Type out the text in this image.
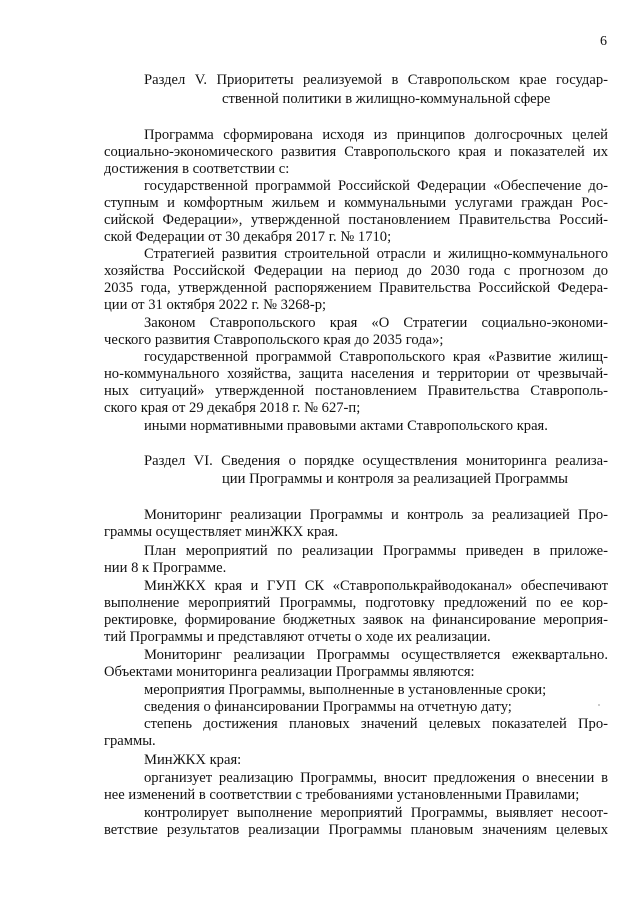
6
Раздел V. Приоритеты реализуемой в Ставропольском крае государ-
ственной политики в жилищно-коммунальной сфере
Программа сформирована исходя из принципов долгосрочных целей
социально-экономического развития Ставропольского края и показателей их
достижения в соответствии с:
государственной программой Российской Федерации «Обеспечение до-
ступным и комфортным жильем и коммунальными услугами граждан Рос-
сийской Федерации», утвержденной постановлением Правительства Россий-
ской Федерации от 30 декабря 2017 г. № 1710;
Стратегией развития строительной отрасли и жилищно-коммунального
хозяйства Российской Федерации на период до 2030 года с прогнозом до
2035 года, утвержденной распоряжением Правительства Российской Федера-
ции от 31 октября 2022 г. № 3268-р;
Законом Ставропольского края «О Стратегии социально-экономи-
ческого развития Ставропольского края до 2035 года»;
государственной программой Ставропольского края «Развитие жилищ-
но-коммунального хозяйства, защита населения и территории от чрезвычай-
ных ситуаций» утвержденной постановлением Правительства Ставрополь-
ского края от 29 декабря 2018 г. № 627-п;
иными нормативными правовыми актами Ставропольского края.
Раздел VI. Сведения о порядке осуществления мониторинга реализа-
ции Программы и контроля за реализацией Программы
Мониторинг реализации Программы и контроль за реализацией Про-
граммы осуществляет минЖКХ края.
План мероприятий по реализации Программы приведен в приложе-
нии 8 к Программе.
МинЖКХ края и ГУП СК «Ставрополькрайводоканал» обеспечивают
выполнение мероприятий Программы, подготовку предложений по ее кор-
ректировке, формирование бюджетных заявок на финансирование мероприя-
тий Программы и представляют отчеты о ходе их реализации.
Мониторинг реализации Программы осуществляется ежеквартально.
Объектами мониторинга реализации Программы являются:
мероприятия Программы, выполненные в установленные сроки;
сведения о финансировании Программы на отчетную дату;
степень достижения плановых значений целевых показателей Про-
граммы.
МинЖКХ края:
организует реализацию Программы, вносит предложения о внесении в
нее изменений в соответствии с требованиями установленными Правилами;
контролирует выполнение мероприятий Программы, выявляет несоот-
ветствие результатов реализации Программы плановым значениям целевых
